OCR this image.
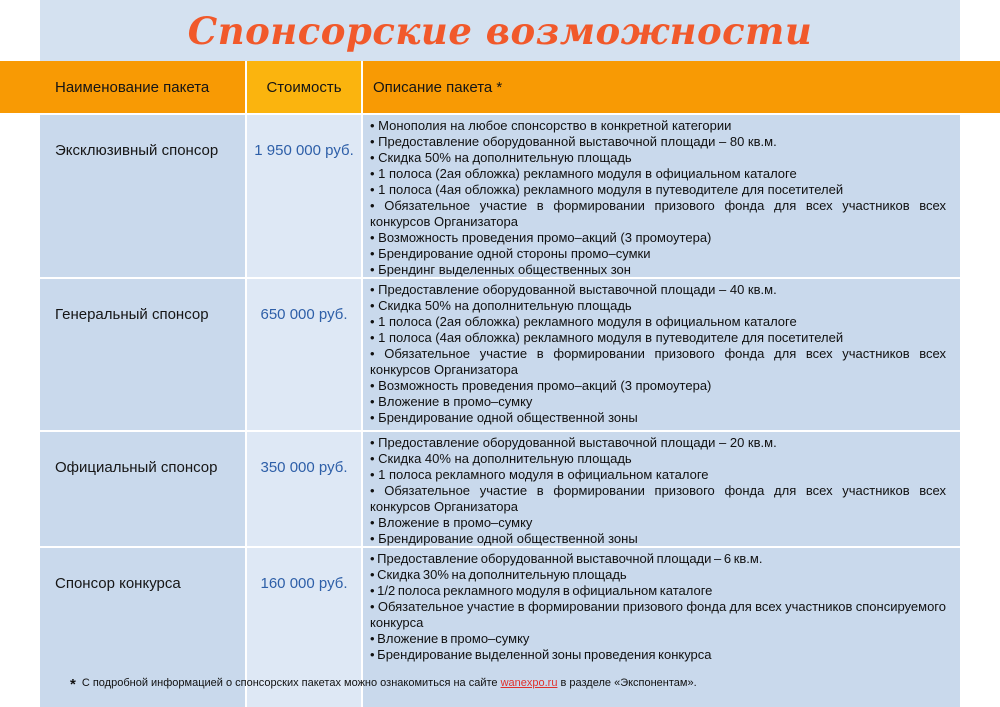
Спонсорские возможности
Наименование пакета	Стоимость	Описание пакета *
Эксклюзивный спонсор	1 950 000 руб.
• Монополия на любое спонсорство в конкретной категории
• Предоставление оборудованной выставочной площади – 80 кв.м.
• Скидка 50% на дополнительную площадь
• 1 полоса (2ая обложка) рекламного модуля в официальном каталоге
• 1 полоса (4ая обложка) рекламного модуля в путеводителе для посетителей
• Обязательное участие в формировании призового фонда для всех участников всех конкурсов Организатора
• Возможность проведения промо–акций (3 промоутера)
• Брендирование одной стороны промо–сумки
• Брендинг выделенных общественных зон
Генеральный спонсор	650 000 руб.
• Предоставление оборудованной выставочной площади – 40 кв.м.
• Скидка 50% на дополнительную площадь
• 1 полоса (2ая обложка) рекламного модуля в официальном каталоге
• 1 полоса (4ая обложка) рекламного модуля в путеводителе для посетителей
• Обязательное участие в формировании призового фонда для всех участников всех конкурсов Организатора
• Возможность проведения промо–акций (3 промоутера)
• Вложение в промо–сумку
• Брендирование одной общественной зоны
Официальный спонсор	350 000 руб.
• Предоставление оборудованной выставочной площади – 20 кв.м.
• Скидка 40% на дополнительную площадь
• 1 полоса рекламного модуля в официальном каталоге
• Обязательное участие в формировании призового фонда для всех участников всех конкурсов Организатора
• Вложение в промо–сумку
• Брендирование одной общественной зоны
Спонсор конкурса	160 000 руб.
• Предоставление оборудованной выставочной площади – 6 кв.м.
• Скидка 30% на дополнительную площадь
• 1/2 полоса рекламного модуля в официальном каталоге
• Обязательное участие в формировании призового фонда для всех участников спонсируемого конкурса
• Вложение в промо–сумку
• Брендирование выделенной зоны проведения конкурса
* С подробной информацией о спонсорских пакетах можно ознакомиться на сайте wanexpo.ru в разделе «Экспонентам».
